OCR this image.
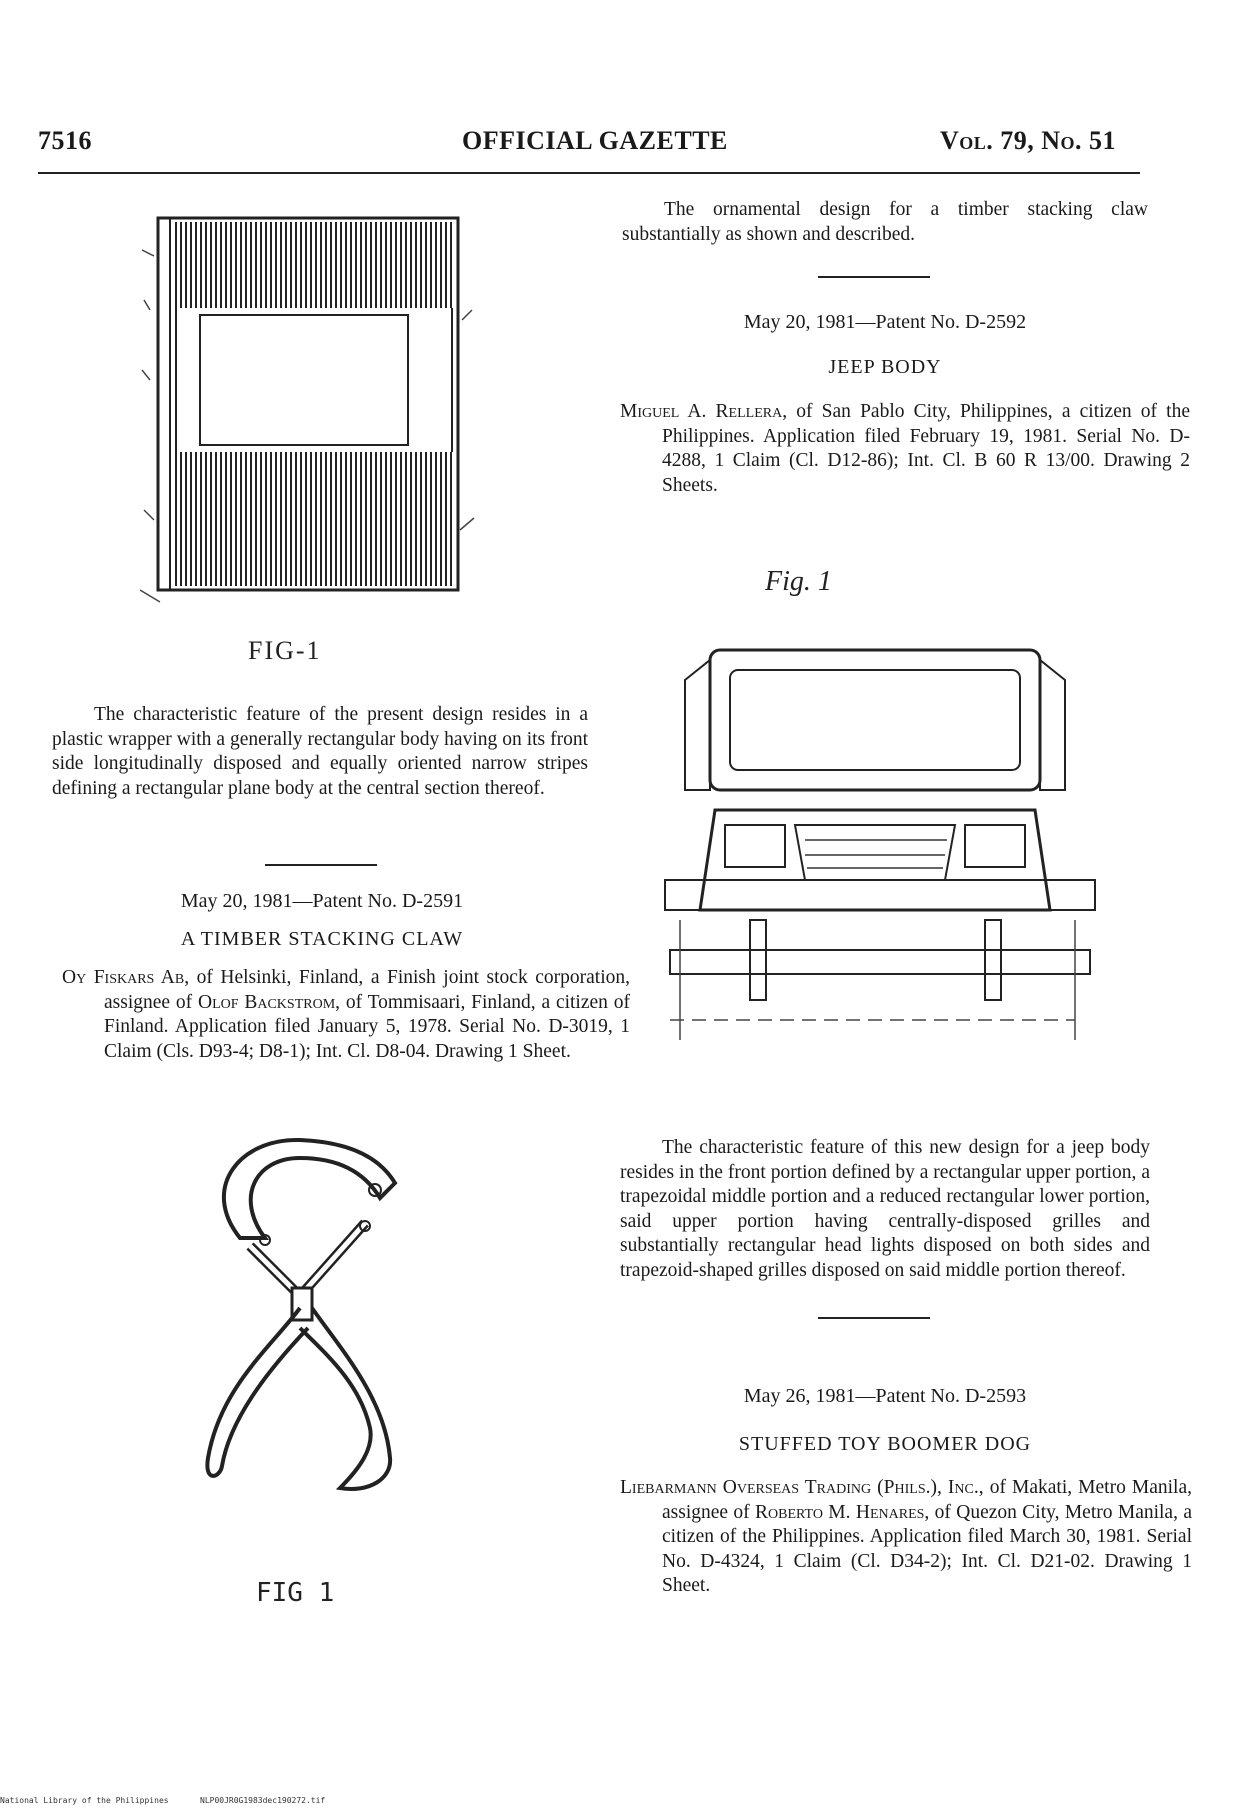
7516	OFFICIAL GAZETTE	Vol. 79, No. 51
FIG-1

The characteristic feature of the present design resides in a plastic wrapper with a generally rectangular body having on its front side longitudinally disposed and equally oriented narrow stripes defining a rectangular plane body at the central section thereof.

May 20, 1981—Patent No. D-2591
A TIMBER STACKING CLAW

Oy Fiskars Ab, of Helsinki, Finland, a Finish joint stock corporation, assignee of Olof Backstrom, of Tommisaari, Finland, a citizen of Finland. Application filed January 5, 1978. Serial No. D-3019, 1 Claim (Cls. D93-4; D8-1); Int. Cl. D8-04. Drawing 1 Sheet.

FIG 1

The ornamental design for a timber stacking claw substantially as shown and described.

May 20, 1981—Patent No. D-2592
JEEP BODY

Miguel A. Rellera, of San Pablo City, Philippines, a citizen of the Philippines. Application filed February 19, 1981. Serial No. D-4288, 1 Claim (Cl. D12-86); Int. Cl. B 60 R 13/00. Drawing 2 Sheets.

Fig. 1

The characteristic feature of this new design for a jeep body resides in the front portion defined by a rectangular upper portion, a trapezoidal middle portion and a reduced rectangular lower portion, said upper portion having centrally-disposed grilles and substantially rectangular head lights disposed on both sides and trapezoid-shaped grilles disposed on said middle portion thereof.

May 26, 1981—Patent No. D-2593
STUFFED TOY BOOMER DOG

Liebarmann Overseas Trading (Phils.), Inc., of Makati, Metro Manila, assignee of Roberto M. Henares, of Quezon City, Metro Manila, a citizen of the Philippines. Application filed March 30, 1981. Serial No. D-4324, 1 Claim (Cl. D34-2); Int. Cl. D21-02. Drawing 1 Sheet.

National Library of the Philippines	NLP00JR0G1983dec190272.tif
